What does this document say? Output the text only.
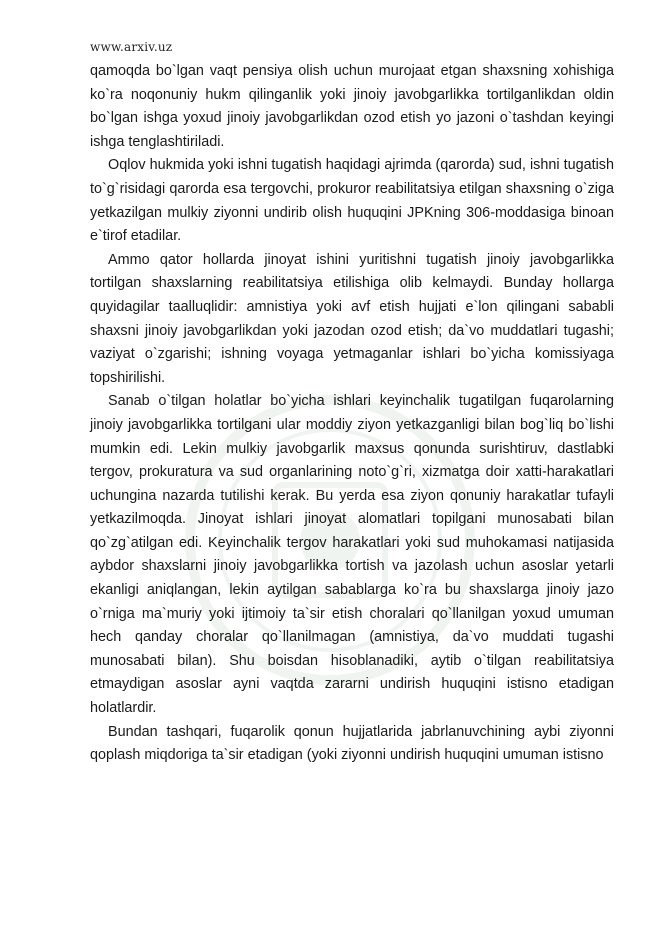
www.arxiv.uz

qamoqda bo`lgan vaqt pensiya olish uchun murojaat etgan shaxsning xohishiga ko`ra noqonuniy hukm qilinganlik yoki jinoiy javobgarlikka tortilganlikdan oldin bo`lgan ishga yoxud jinoiy javobgarlikdan ozod etish yo jazoni o`tashdan keyingi ishga tenglashtiriladi.

Oqlov hukmida yoki ishni tugatish haqidagi ajrimda (qarorda) sud, ishni tugatish to`g`risidagi qarorda esa tergovchi, prokuror reabilitatsiya etilgan shaxsning o`ziga yetkazilgan mulkiy ziyonni undirib olish huquqini JPKning 306-moddasiga binoan e`tirof etadilar.

Ammo qator hollarda jinoyat ishini yuritishni tugatish jinoiy javobgarlikka tortilgan shaxslarning reabilitatsiya etilishiga olib kelmaydi. Bunday hollarga quyidagilar taalluqlidir: amnistiya yoki avf etish hujjati e`lon qilingani sababli shaxsni jinoiy javobgarlikdan yoki jazodan ozod etish; da`vo muddatlari tugashi; vaziyat o`zgarishi; ishning voyaga yetmaganlar ishlari bo`yicha komissiyaga topshirilishi.

Sanab o`tilgan holatlar bo`yicha ishlari keyinchalik tugatilgan fuqarolarning jinoiy javobgarlikka tortilgani ular moddiy ziyon yetkazganligi bilan bog`liq bo`lishi mumkin edi. Lekin mulkiy javobgarlik maxsus qonunda surishtiruv, dastlabki tergov, prokuratura va sud organlarining noto`g`ri, xizmatga doir xatti-harakatlari uchungina nazarda tutilishi kerak. Bu yerda esa ziyon qonuniy harakatlar tufayli yetkazilmoqda. Jinoyat ishlari jinoyat alomatlari topilgani munosabati bilan qo`zg`atilgan edi. Keyinchalik tergov harakatlari yoki sud muhokamasi natijasida aybdor shaxslarni jinoiy javobgarlikka tortish va jazolash uchun asoslar yetarli ekanligi aniqlangan, lekin aytilgan sabablarga ko`ra bu shaxslarga jinoiy jazo o`rniga ma`muriy yoki ijtimoiy ta`sir etish choralari qo`llanilgan yoxud umuman hech qanday choralar qo`llanilmagan (amnistiya, da`vo muddati tugashi munosabati bilan). Shu boisdan hisoblanadiki, aytib o`tilgan reabilitatsiya etmaydigan asoslar ayni vaqtda zararni undirish huquqini istisno etadigan holatlardir.

Bundan tashqari, fuqarolik qonun hujjatlarida jabrlanuvchining aybi ziyonni qoplash miqdoriga ta`sir etadigan (yoki ziyonni undirish huquqini umuman istisno
